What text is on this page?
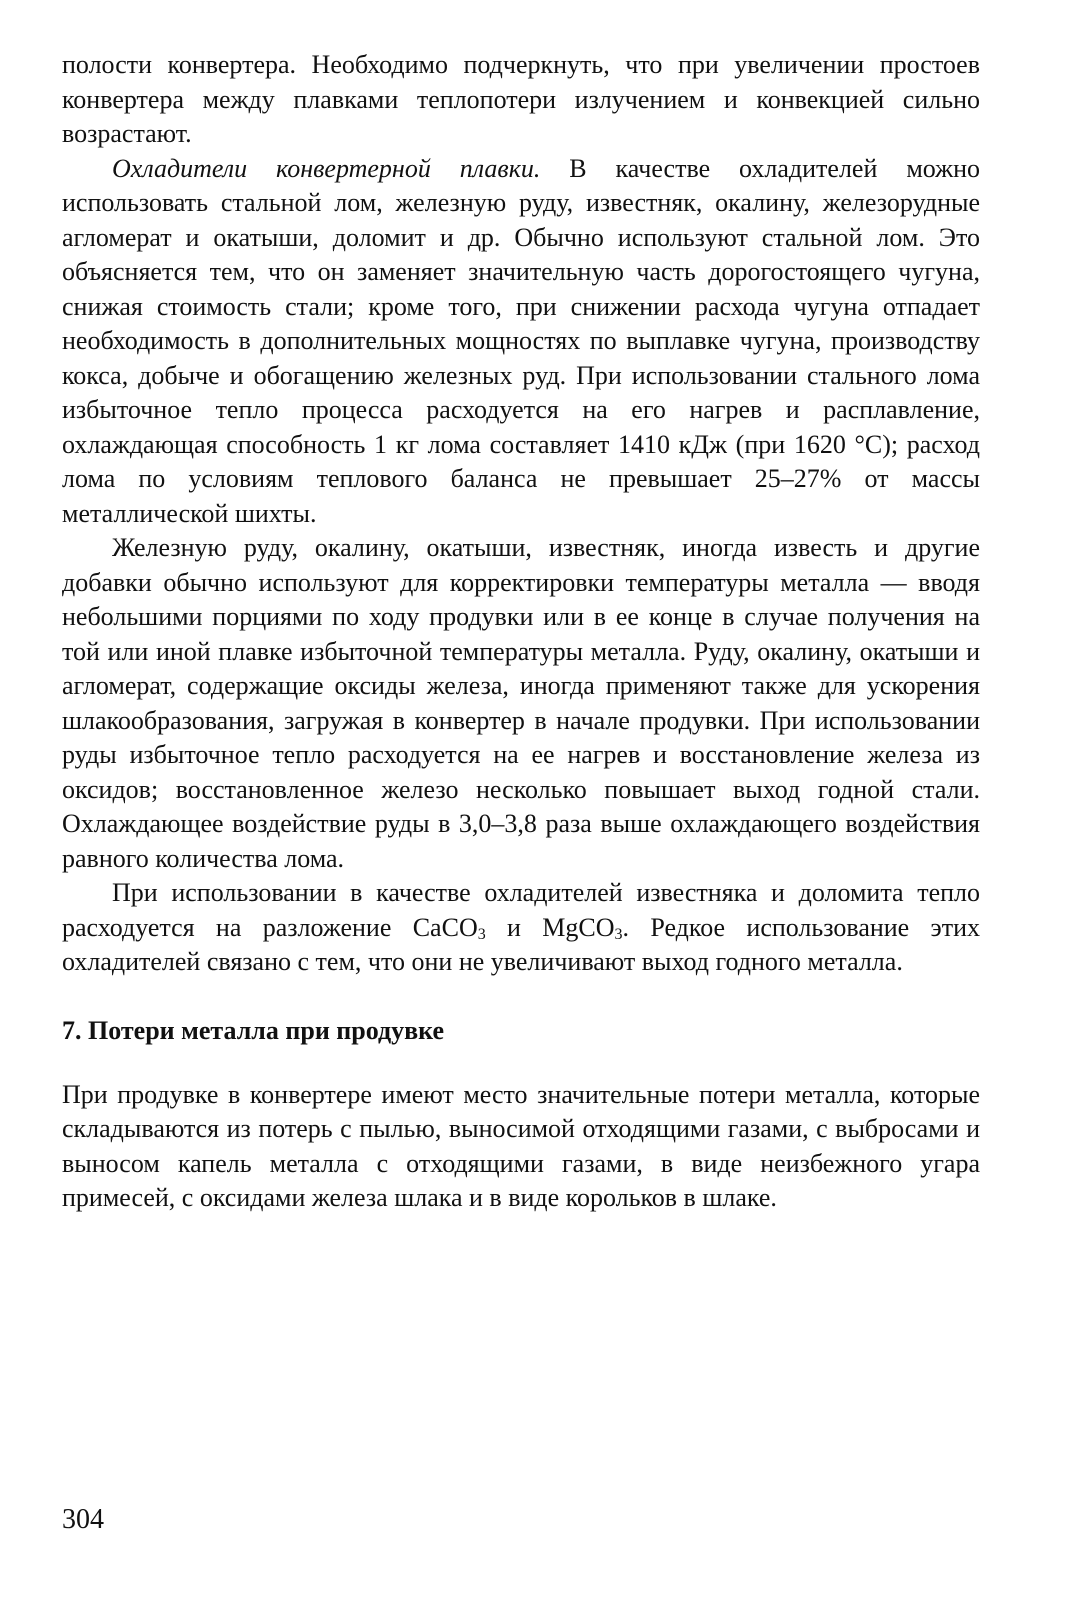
полости конвертера. Необходимо подчеркнуть, что при увеличении простоев конвертера между плавками теплопотери излучением и конвекцией сильно возрастают.

Охладители конвертерной плавки. В качестве охладителей можно использовать стальной лом, железную руду, известняк, окалину, железорудные агломерат и окатыши, доломит и др. Обычно используют стальной лом. Это объясняется тем, что он заменяет значительную часть дорогостоящего чугуна, снижая стоимость стали; кроме того, при снижении расхода чугуна отпадает необходимость в дополнительных мощностях по выплавке чугуна, производству кокса, добыче и обогащению железных руд. При использовании стального лома избыточное тепло процесса расходуется на его нагрев и расплавление, охлаждающая способность 1 кг лома составляет 1410 кДж (при 1620 °С); расход лома по условиям теплового баланса не превышает 25–27% от массы металлической шихты.

Железную руду, окалину, окатыши, известняк, иногда известь и другие добавки обычно используют для корректировки температуры металла — вводя небольшими порциями по ходу продувки или в ее конце в случае получения на той или иной плавке избыточной температуры металла. Руду, окалину, окатыши и агломерат, содержащие оксиды железа, иногда применяют также для ускорения шлакообразования, загружая в конвертер в начале продувки. При использовании руды избыточное тепло расходуется на ее нагрев и восстановление железа из оксидов; восстановленное железо несколько повышает выход годной стали. Охлаждающее воздействие руды в 3,0–3,8 раза выше охлаждающего воздействия равного количества лома.

При использовании в качестве охладителей известняка и доломита тепло расходуется на разложение CaCO$_3$ и MgCO$_3$. Редкое использование этих охладителей связано с тем, что они не увеличивают выход годного металла.

7. Потери металла при продувке

При продувке в конвертере имеют место значительные потери металла, которые складываются из потерь с пылью, выносимой отходящими газами, с выбросами и выносом капель металла с отходящими газами, в виде неизбежного угара примесей, с оксидами железа шлака и в виде корольков в шлаке.

304
